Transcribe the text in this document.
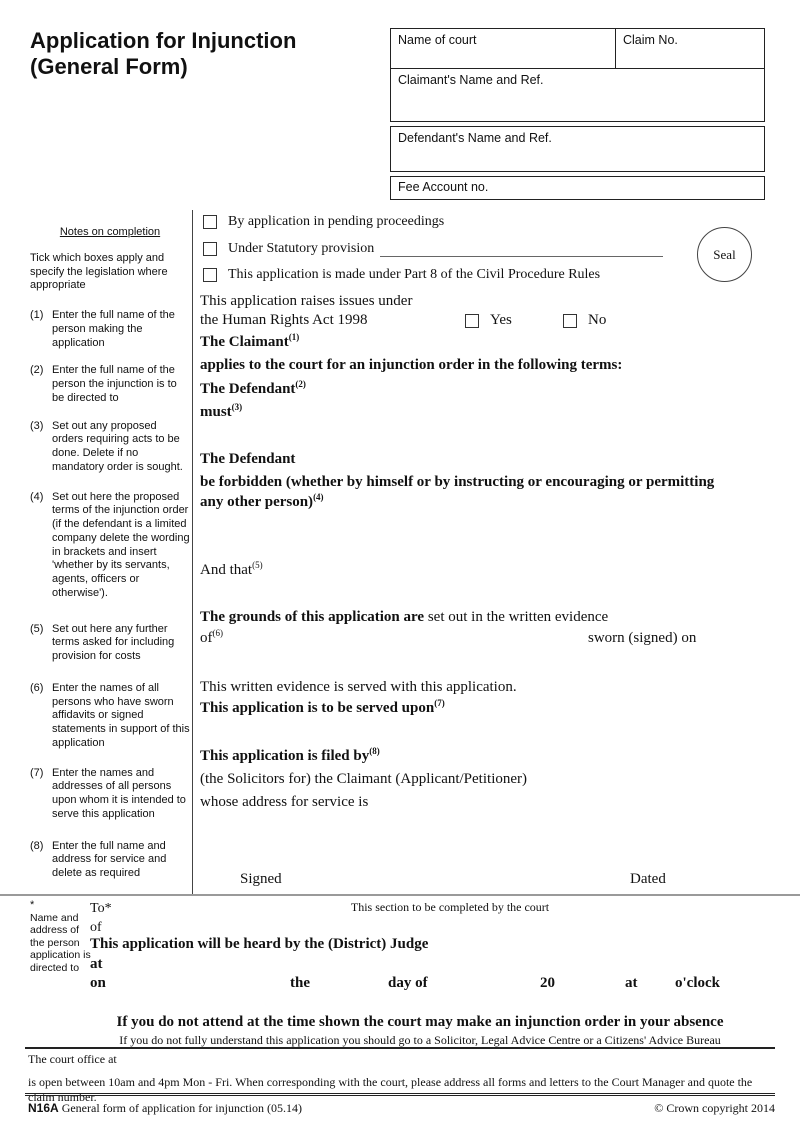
Application for Injunction
(General Form)
Name of court	Claim No.
Claimant's Name and Ref.
Defendant's Name and Ref.
Fee Account no.
Notes on completion
Tick which boxes apply and specify the legislation where appropriate
(1) Enter the full name of the person making the application
(2) Enter the full name of the person the injunction is to be directed to
(3) Set out any proposed orders requiring acts to be done. Delete if no mandatory order is sought.
(4) Set out here the proposed terms of the injunction order (if the defendant is a limited company delete the wording in brackets and insert 'whether by its servants, agents, officers or otherwise').
(5) Set out here any further terms asked for including provision for costs
(6) Enter the names of all persons who have sworn affidavits or signed statements in support of this application
(7) Enter the names and addresses of all persons upon whom it is intended to serve this application
(8) Enter the full name and address for service and delete as required
By application in pending proceedings
Under Statutory provision
This application is made under Part 8 of the Civil Procedure Rules
Seal
This application raises issues under
the Human Rights Act 1998	Yes	No
The Claimant$^{(1)}$
applies to the court for an injunction order in the following terms:
The Defendant$^{(2)}$
must$^{(3)}$
The Defendant
be forbidden (whether by himself or by instructing or encouraging or permitting
any other person)$^{(4)}$
And that$^{(5)}$
The grounds of this application are set out in the written evidence
$of^{(6)}$	sworn (signed) on
This written evidence is served with this application.
This application is to be served upon$^{(7)}$
This application is filed $by^{(8)}$
(the Solicitors for) the Claimant (Applicant/Petitioner)
whose address for service is
Signed	Dated
*
Name and address of the person application is directed to
To*
of
This section to be completed by the court
This application will be heard by the (District) Judge
at
on	the	day of	20	at	o'clock
If you do not attend at the time shown the court may make an injunction order in your absence
If you do not fully understand this application you should go to a Solicitor, Legal Advice Centre or a Citizens' Advice Bureau
The court office at
is open between 10am and 4pm Mon - Fri. When corresponding with the court, please address all forms and letters to the Court Manager and quote the claim number.
N16A General form of application for injunction (05.14)	© Crown copyright 2014
